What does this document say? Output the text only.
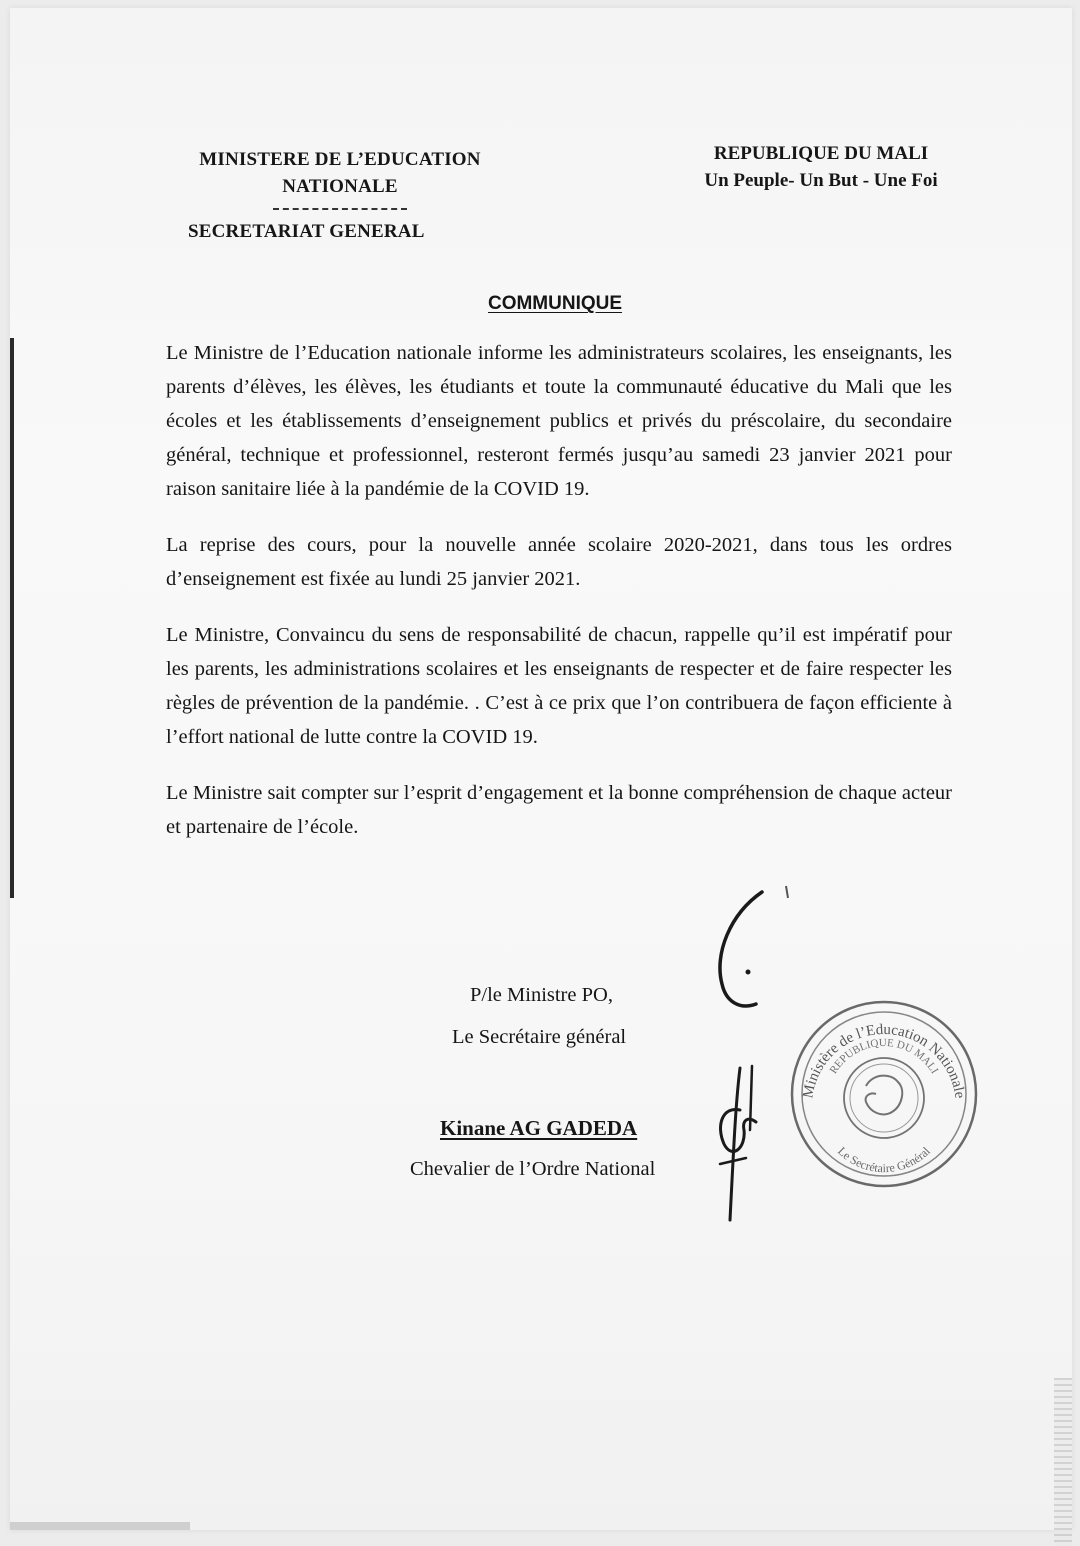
MINISTERE DE L’EDUCATION
NATIONALE
SECRETARIAT GENERAL
REPUBLIQUE DU MALI
Un Peuple- Un But - Une Foi
COMMUNIQUE

Le Ministre de l’Education nationale informe les administrateurs scolaires, les enseignants, les parents d’élèves, les élèves, les étudiants et toute la communauté éducative du Mali que les écoles et les établissements d’enseignement publics et privés du préscolaire, du secondaire général, technique et professionnel, resteront fermés jusqu’au samedi 23 janvier 2021 pour raison sanitaire liée à la pandémie de la COVID 19.

La reprise des cours, pour la nouvelle année scolaire 2020-2021, dans tous les ordres d’enseignement est fixée au lundi 25 janvier 2021.

Le Ministre, Convaincu du sens de responsabilité de chacun, rappelle qu’il est impératif pour les parents, les administrations scolaires et les enseignants de respecter et de faire respecter les règles de prévention de la pandémie. . C’est à ce prix que l’on contribuera de façon efficiente à l’effort national de lutte contre la COVID 19.

Le Ministre sait compter sur l’esprit d’engagement et la bonne compréhension de chaque acteur et partenaire de l’école.

P/le Ministre PO,
Le Secrétaire général
Kinane AG GADEDA
Chevalier de l’Ordre National
Ministère de l’Education Nationale
REPUBLIQUE DU MALI
Le Secrétaire Général
